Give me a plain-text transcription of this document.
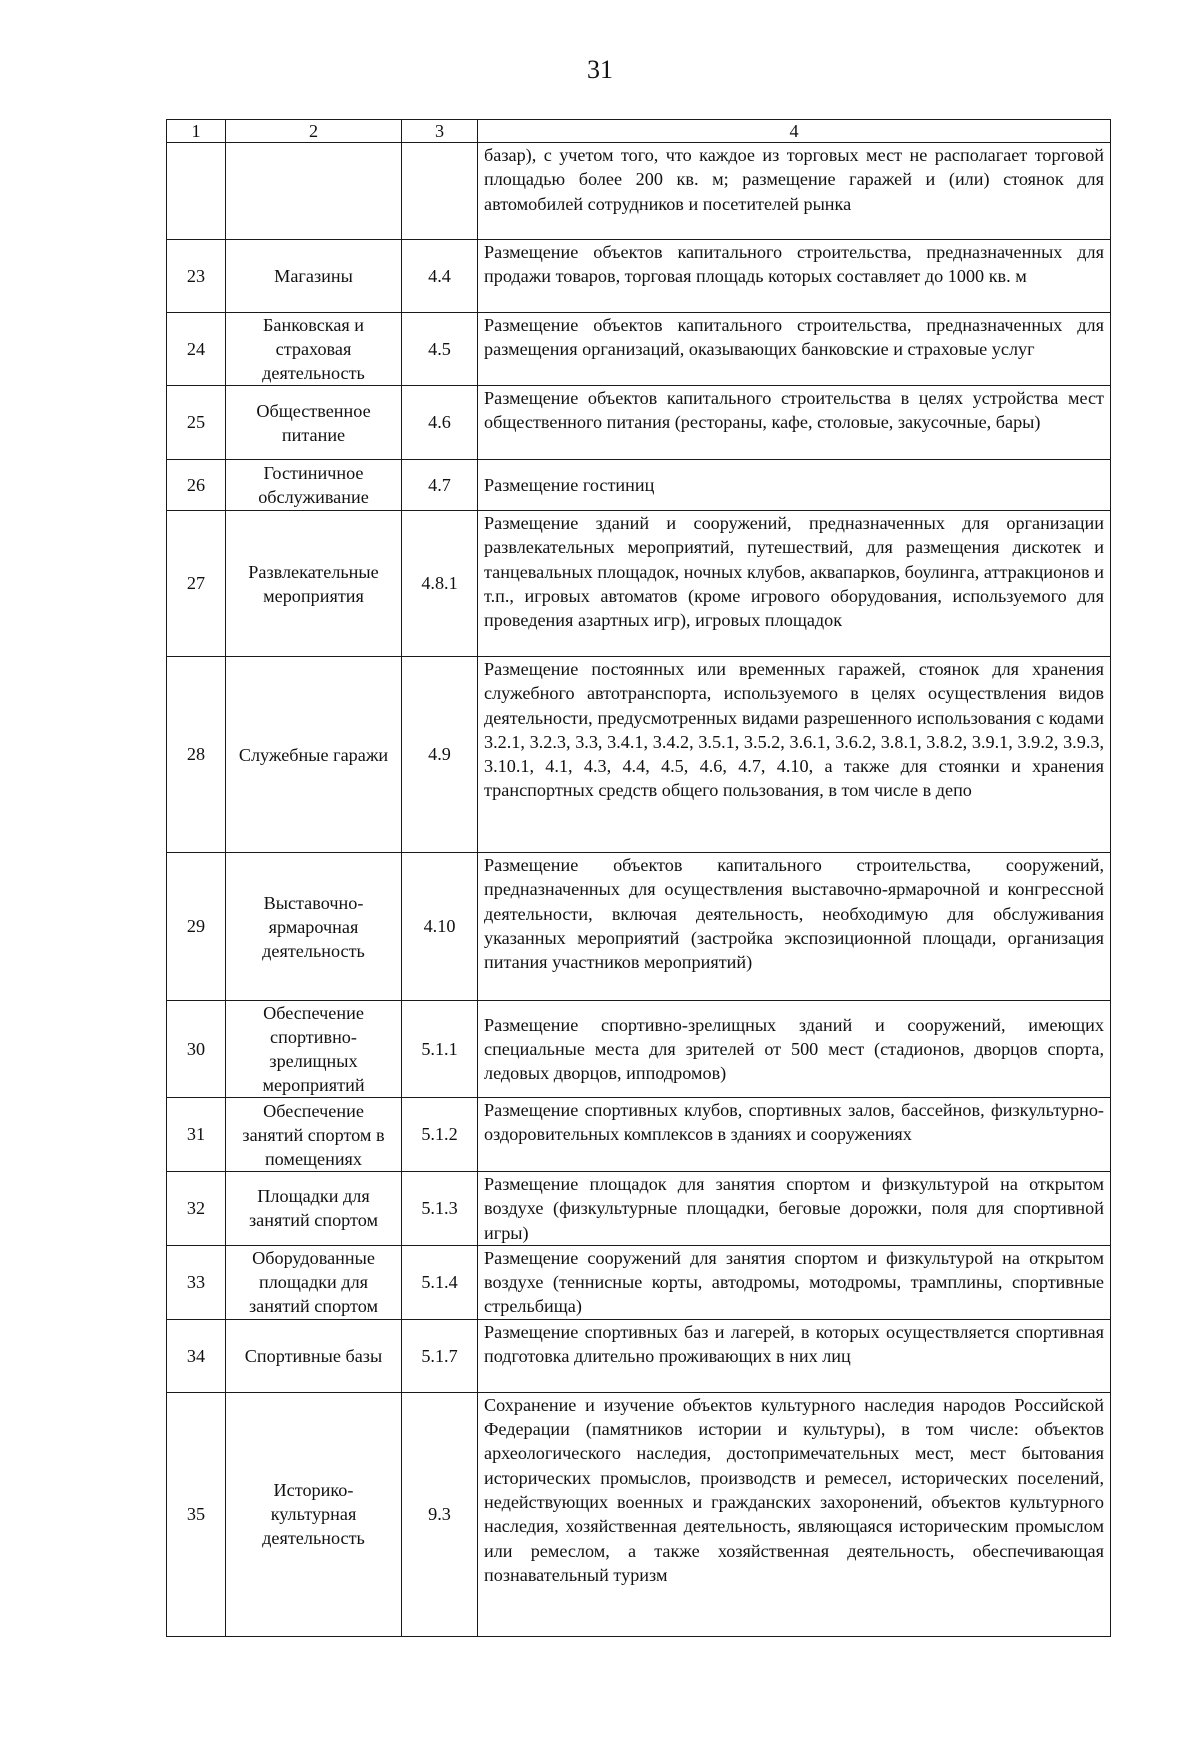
31
1	2	3	4
			базар), с учетом того, что каждое из торговых мест не располагает торговой площадью более 200 кв. м; размещение гаражей и (или) стоянок для автомобилей сотрудников и посетителей рынка
23	Магазины	4.4	Размещение объектов капитального строительства, предназначенных для продажи товаров, торговая площадь которых составляет до 1000 кв. м
24	Банковская и страховая деятельность	4.5	Размещение объектов капитального строительства, предназначенных для размещения организаций, оказывающих банковские и страховые услуг
25	Общественное питание	4.6	Размещение объектов капитального строительства в целях устройства мест общественного питания (рестораны, кафе, столовые, закусочные, бары)
26	Гостиничное обслуживание	4.7	Размещение гостиниц
27	Развлекательные мероприятия	4.8.1	Размещение зданий и сооружений, предназначенных для организации развлекательных мероприятий, путешествий, для размещения дискотек и танцевальных площадок, ночных клубов, аквапарков, боулинга, аттракционов и т.п., игровых автоматов (кроме игрового оборудования, используемого для проведения азартных игр), игровых площадок
28	Служебные гаражи	4.9	Размещение постоянных или временных гаражей, стоянок для хранения служебного автотранспорта, используемого в целях осуществления видов деятельности, предусмотренных видами разрешенного использования с кодами 3.2.1, 3.2.3, 3.3, 3.4.1, 3.4.2, 3.5.1, 3.5.2, 3.6.1, 3.6.2, 3.8.1, 3.8.2, 3.9.1, 3.9.2, 3.9.3, 3.10.1, 4.1, 4.3, 4.4, 4.5, 4.6, 4.7, 4.10, а также для стоянки и хранения транспортных средств общего пользования, в том числе в депо
29	Выставочно-ярмарочная деятельность	4.10	Размещение объектов капитального строительства, сооружений, предназначенных для осуществления выставочно-ярмарочной и конгрессной деятельности, включая деятельность, необходимую для обслуживания указанных мероприятий (застройка экспозиционной площади, организация питания участников мероприятий)
30	Обеспечение спортивно-зрелищных мероприятий	5.1.1	Размещение спортивно-зрелищных зданий и сооружений, имеющих специальные места для зрителей от 500 мест (стадионов, дворцов спорта, ледовых дворцов, ипподромов)
31	Обеспечение занятий спортом в помещениях	5.1.2	Размещение спортивных клубов, спортивных залов, бассейнов, физкультурно-оздоровительных комплексов в зданиях и сооружениях
32	Площадки для занятий спортом	5.1.3	Размещение площадок для занятия спортом и физкультурой на открытом воздухе (физкультурные площадки, беговые дорожки, поля для спортивной игры)
33	Оборудованные площадки для занятий спортом	5.1.4	Размещение сооружений для занятия спортом и физкультурой на открытом воздухе (теннисные корты, автодромы, мотодромы, трамплины, спортивные стрельбища)
34	Спортивные базы	5.1.7	Размещение спортивных баз и лагерей, в которых осуществляется спортивная подготовка длительно проживающих в них лиц
35	Историко-культурная деятельность	9.3	Сохранение и изучение объектов культурного наследия народов Российской Федерации (памятников истории и культуры), в том числе: объектов археологического наследия, достопримечательных мест, мест бытования исторических промыслов, производств и ремесел, исторических поселений, недействующих военных и гражданских захоронений, объектов культурного наследия, хозяйственная деятельность, являющаяся историческим промыслом или ремеслом, а также хозяйственная деятельность, обеспечивающая познавательный туризм
